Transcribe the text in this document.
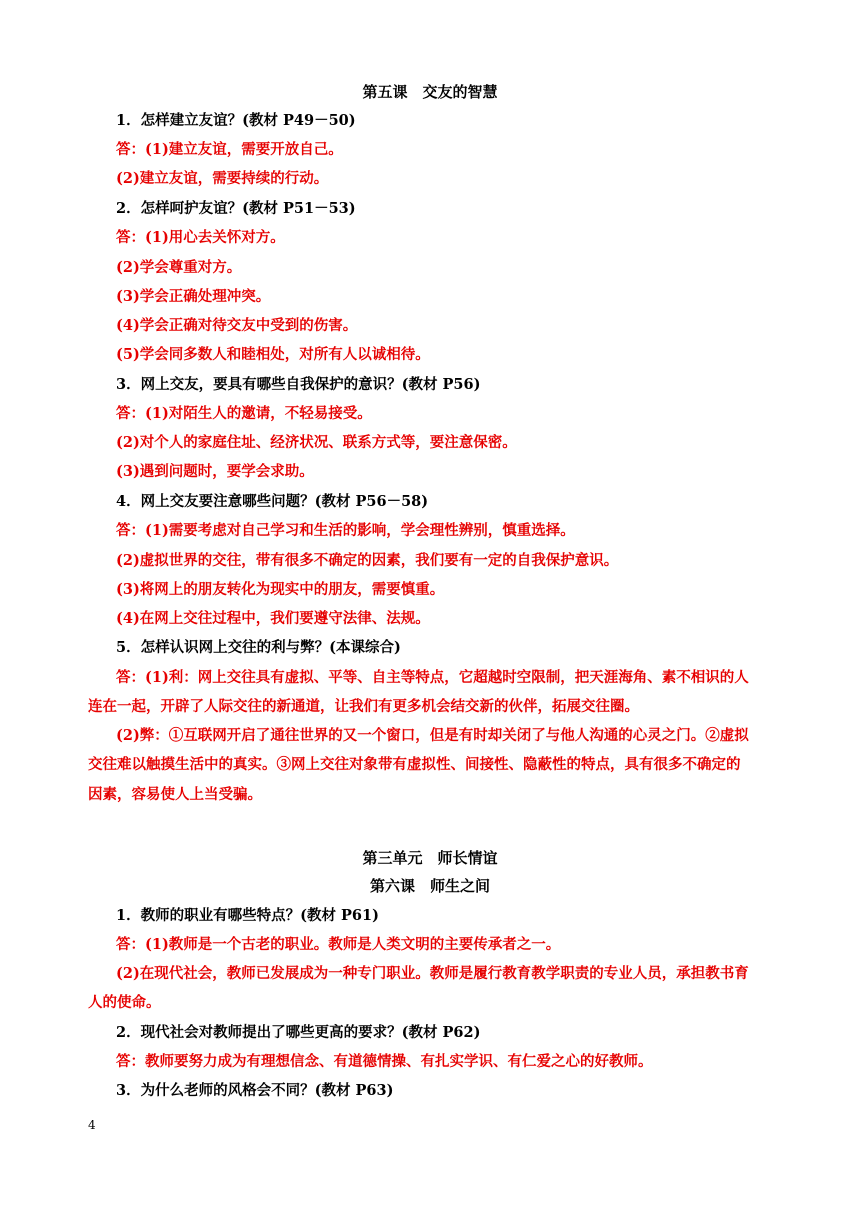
第五课　交友的智慧
1．怎样建立友谊？(教材 P49－50)
答：(1)建立友谊，需要开放自己。
(2)建立友谊，需要持续的行动。
2．怎样呵护友谊？(教材 P51－53)
答：(1)用心去关怀对方。
(2)学会尊重对方。
(3)学会正确处理冲突。
(4)学会正确对待交友中受到的伤害。
(5)学会同多数人和睦相处，对所有人以诚相待。
3．网上交友，要具有哪些自我保护的意识？(教材 P56)
答：(1)对陌生人的邀请，不轻易接受。
(2)对个人的家庭住址、经济状况、联系方式等，要注意保密。
(3)遇到问题时，要学会求助。
4．网上交友要注意哪些问题？(教材 P56－58)
答：(1)需要考虑对自己学习和生活的影响，学会理性辨别，慎重选择。
(2)虚拟世界的交往，带有很多不确定的因素，我们要有一定的自我保护意识。
(3)将网上的朋友转化为现实中的朋友，需要慎重。
(4)在网上交往过程中，我们要遵守法律、法规。
5．怎样认识网上交往的利与弊？(本课综合)
答：(1)利：网上交往具有虚拟、平等、自主等特点，它超越时空限制，把天涯海角、素不相识的人
连在一起，开辟了人际交往的新通道，让我们有更多机会结交新的伙伴，拓展交往圈。
(2)弊：①互联网开启了通往世界的又一个窗口，但是有时却关闭了与他人沟通的心灵之门。②虚拟
交往难以触摸生活中的真实。③网上交往对象带有虚拟性、间接性、隐蔽性的特点，具有很多不确定的
因素，容易使人上当受骗。
第三单元　师长情谊
第六课　师生之间
1．教师的职业有哪些特点？(教材 P61)
答：(1)教师是一个古老的职业。教师是人类文明的主要传承者之一。
(2)在现代社会，教师已发展成为一种专门职业。教师是履行教育教学职责的专业人员，承担教书育
人的使命。
2．现代社会对教师提出了哪些更高的要求？(教材 P62)
答：教师要努力成为有理想信念、有道德情操、有扎实学识、有仁爱之心的好教师。
3．为什么老师的风格会不同？(教材 P63)
4
